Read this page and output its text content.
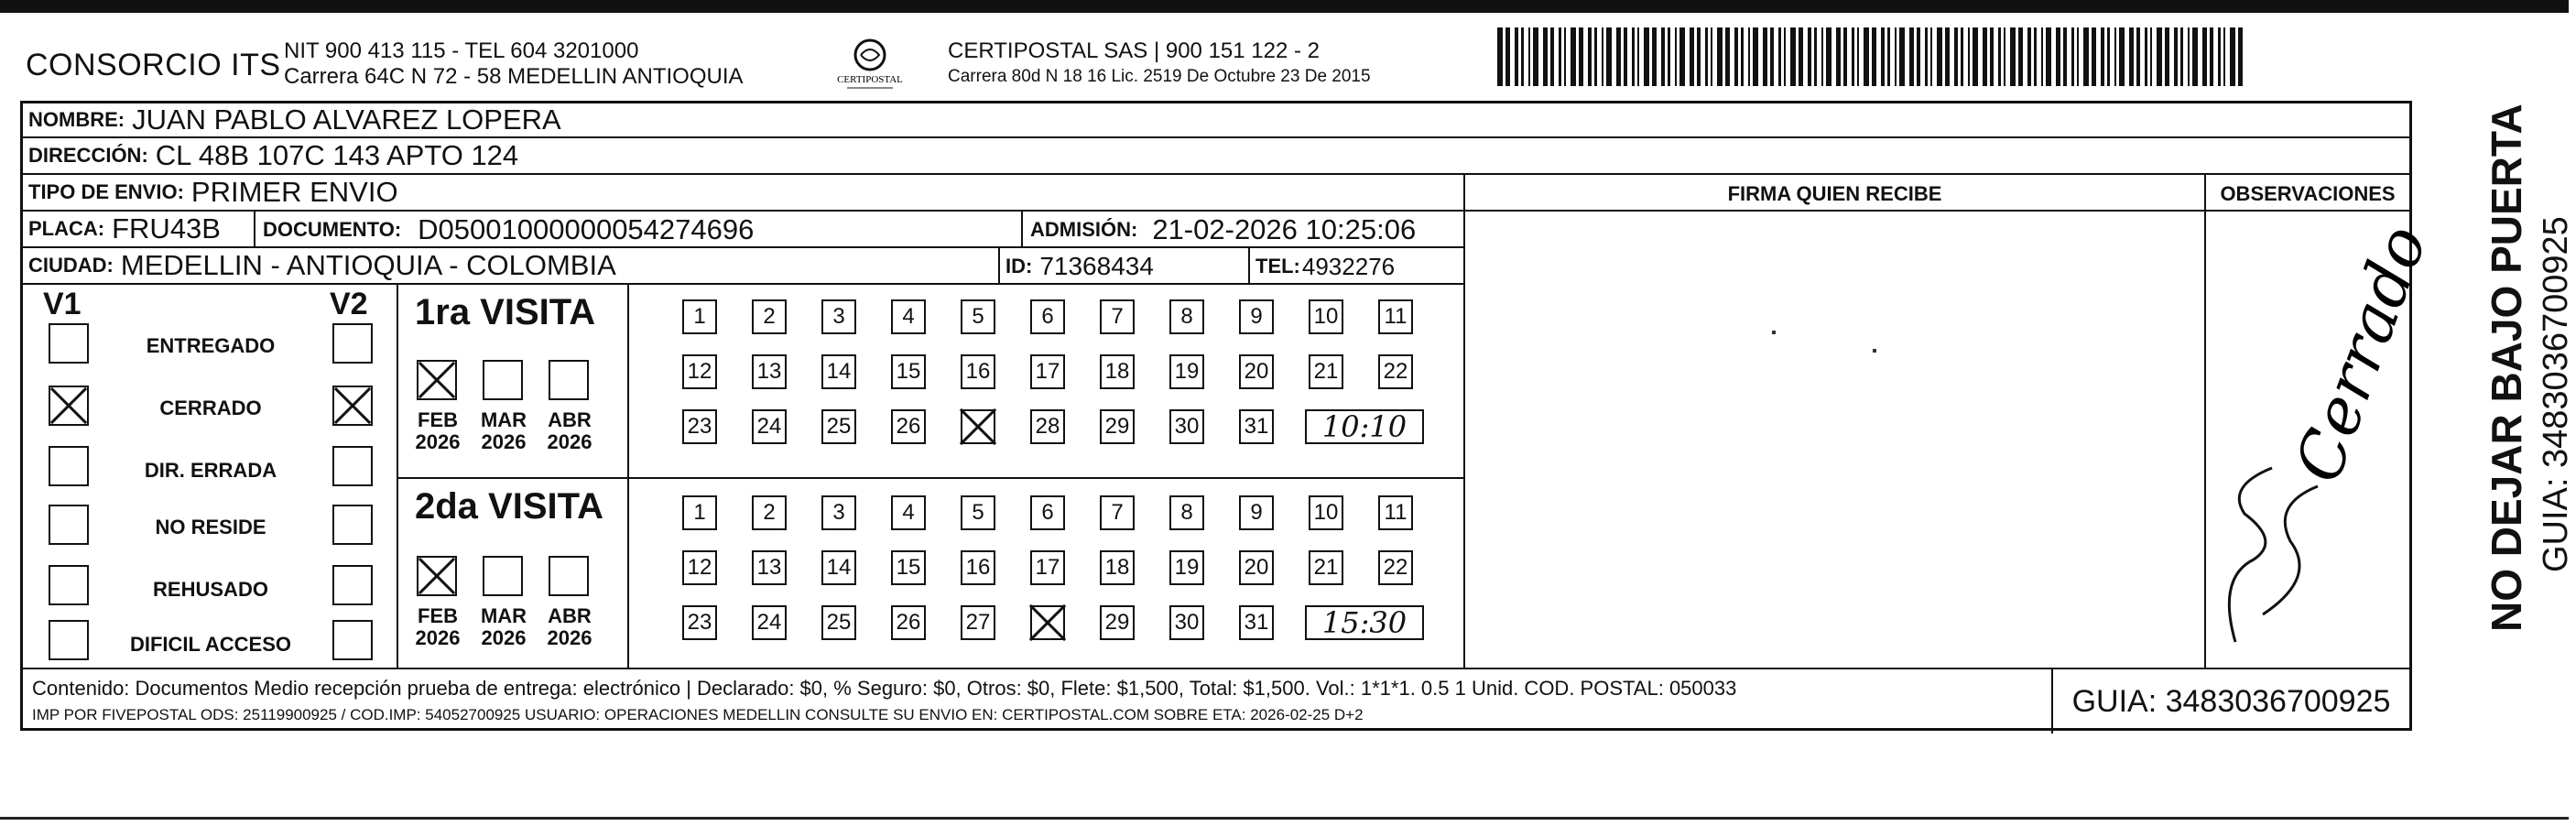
CONSORCIO ITS NIT 900 413 115 - TEL 604 3201000
Carrera 64C N 72 - 58 MEDELLIN ANTIOQUIA	CERTIPOSTAL
CERTIPOSTAL SAS | 900 151 122 - 2
Carrera 80d N 18 16 Lic. 2519 De Octubre 23 De 2015
NOMBRE: JUAN PABLO ALVAREZ LOPERA
DIRECCIÓN: CL 48B 107C 143 APTO 124
TIPO DE ENVIO: PRIMER ENVIO
PLACA: FRU43B DOCUMENTO: D05001000000054274696	ADMISIÓN: 21-02-2026 10:25:06
CIUDAD: MEDELLIN - ANTIOQUIA - COLOMBIA	ID: 71368434	TEL: 4932276
FIRMA QUIEN RECIBE	OBSERVACIONES
V1	V2
ENTREGADO
CERRADO
DIR. ERRADA
NO RESIDE
REHUSADO
DIFICIL ACCESO
1ra VISITA
FEB
2026
MAR
2026
ABR
2026
1	2	3	4	5	6	7	8	9	10 11
12 13 14 15 16 17 18 19 20 21 22
23 24 25 26	28 29 30 31	10:10
2da VISITA
FEB
2026
MAR
2026
ABR
2026
1	2	3	4	5	6	7	8	9	10 11
12 13 14 15 16 17 18 19 20 21 22
23 24 25 26 27	29 30 31	15:30
Cerrado
Contenido: Documentos Medio recepción prueba de entrega: electrónico | Declarado: $0, % Seguro: $0, Otros: $0, Flete: $1,500, Total: $1,500. Vol.: 1*1*1. 0.5 1 Unid. COD. POSTAL: 050033
IMP POR FIVEPOSTAL ODS: 25119900925 / COD.IMP: 54052700925 USUARIO: OPERACIONES MEDELLIN CONSULTE SU ENVIO EN: CERTIPOSTAL.COM SOBRE ETA: 2026-02-25 D+2	GUIA: 3483036700925
NO DEJAR BAJO PUERTA GUIA: 3483036700925
